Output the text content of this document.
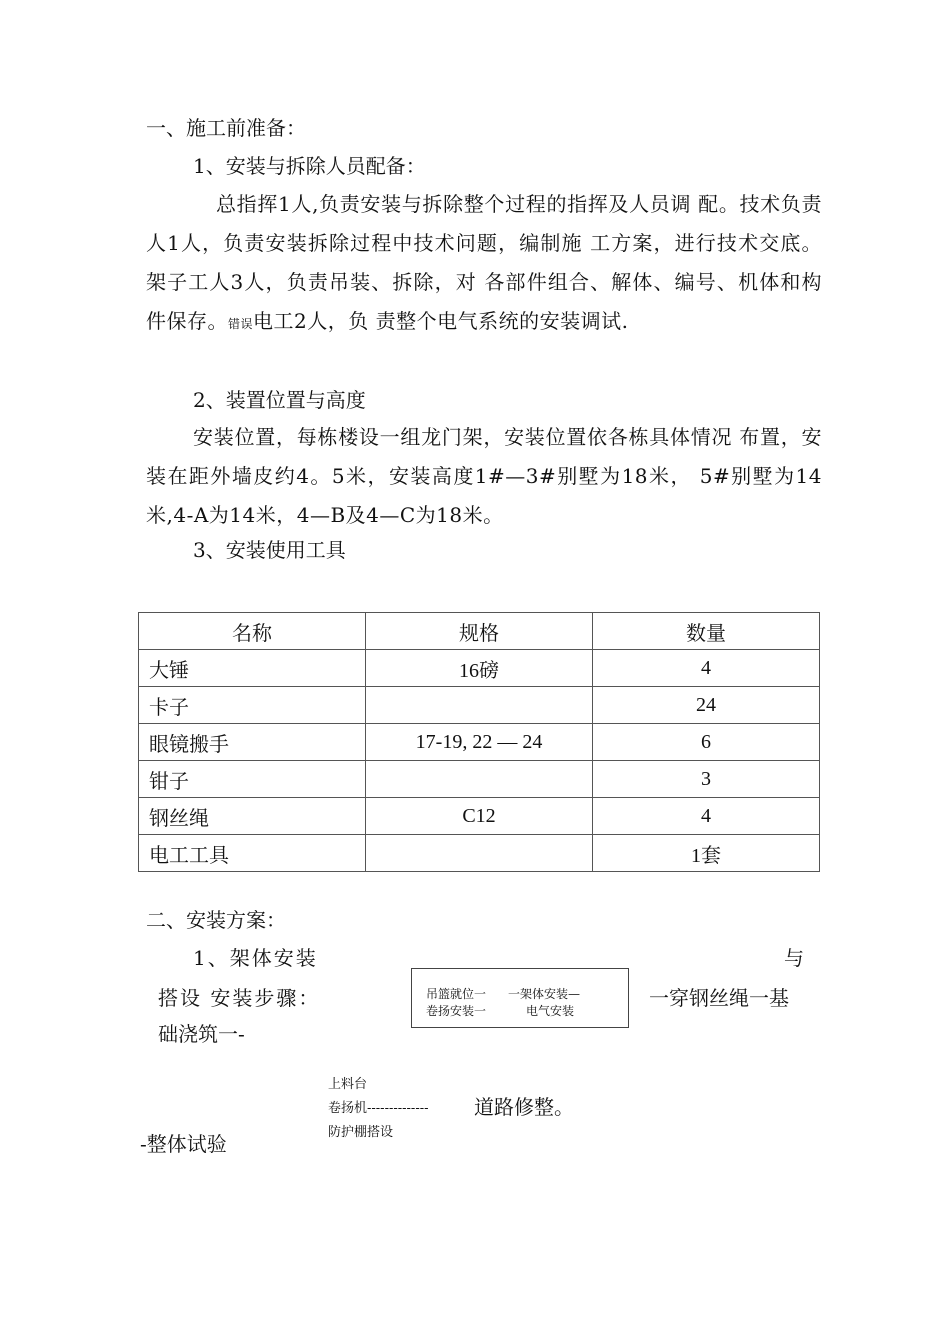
一、施工前准备：
1、安装与拆除人员配备：
总指挥1人,负责安装与拆除整个过程的指挥及人员调 配。技术负责人1人，负责安装拆除过程中技术问题，编制施 工方案，进行技术交底。 架子工人3人，负责吊装、拆除，对 各部件组合、解体、编号、机体和构件保存。错误电工2人，负 责整个电气系统的安装调试.
2、装置位置与高度
安装位置，每栋楼设一组龙门架，安装位置依各栋具体情况 布置，安装在距外墙皮约4。5米，安装高度1#—3#别墅为18米， 5#别墅为14米,4-A为14米，4—B及4—C为18米。
3、安装使用工具
名称	规格	数量
大锤	16磅	4
卡子		24
眼镜搬手	17-19, 22 — 24	6
钳子		3
钢丝绳	C12	4
电工工具		1套
二、安装方案：
1、架体安装	与
搭设 安装步骤：	吊篮就位一 一架体安装—
卷扬安装一	电气安装
一穿钢丝绳一基
础浇筑一-
上料台
卷扬机-------------- 道路修整。
防护棚搭设
-整体试验
